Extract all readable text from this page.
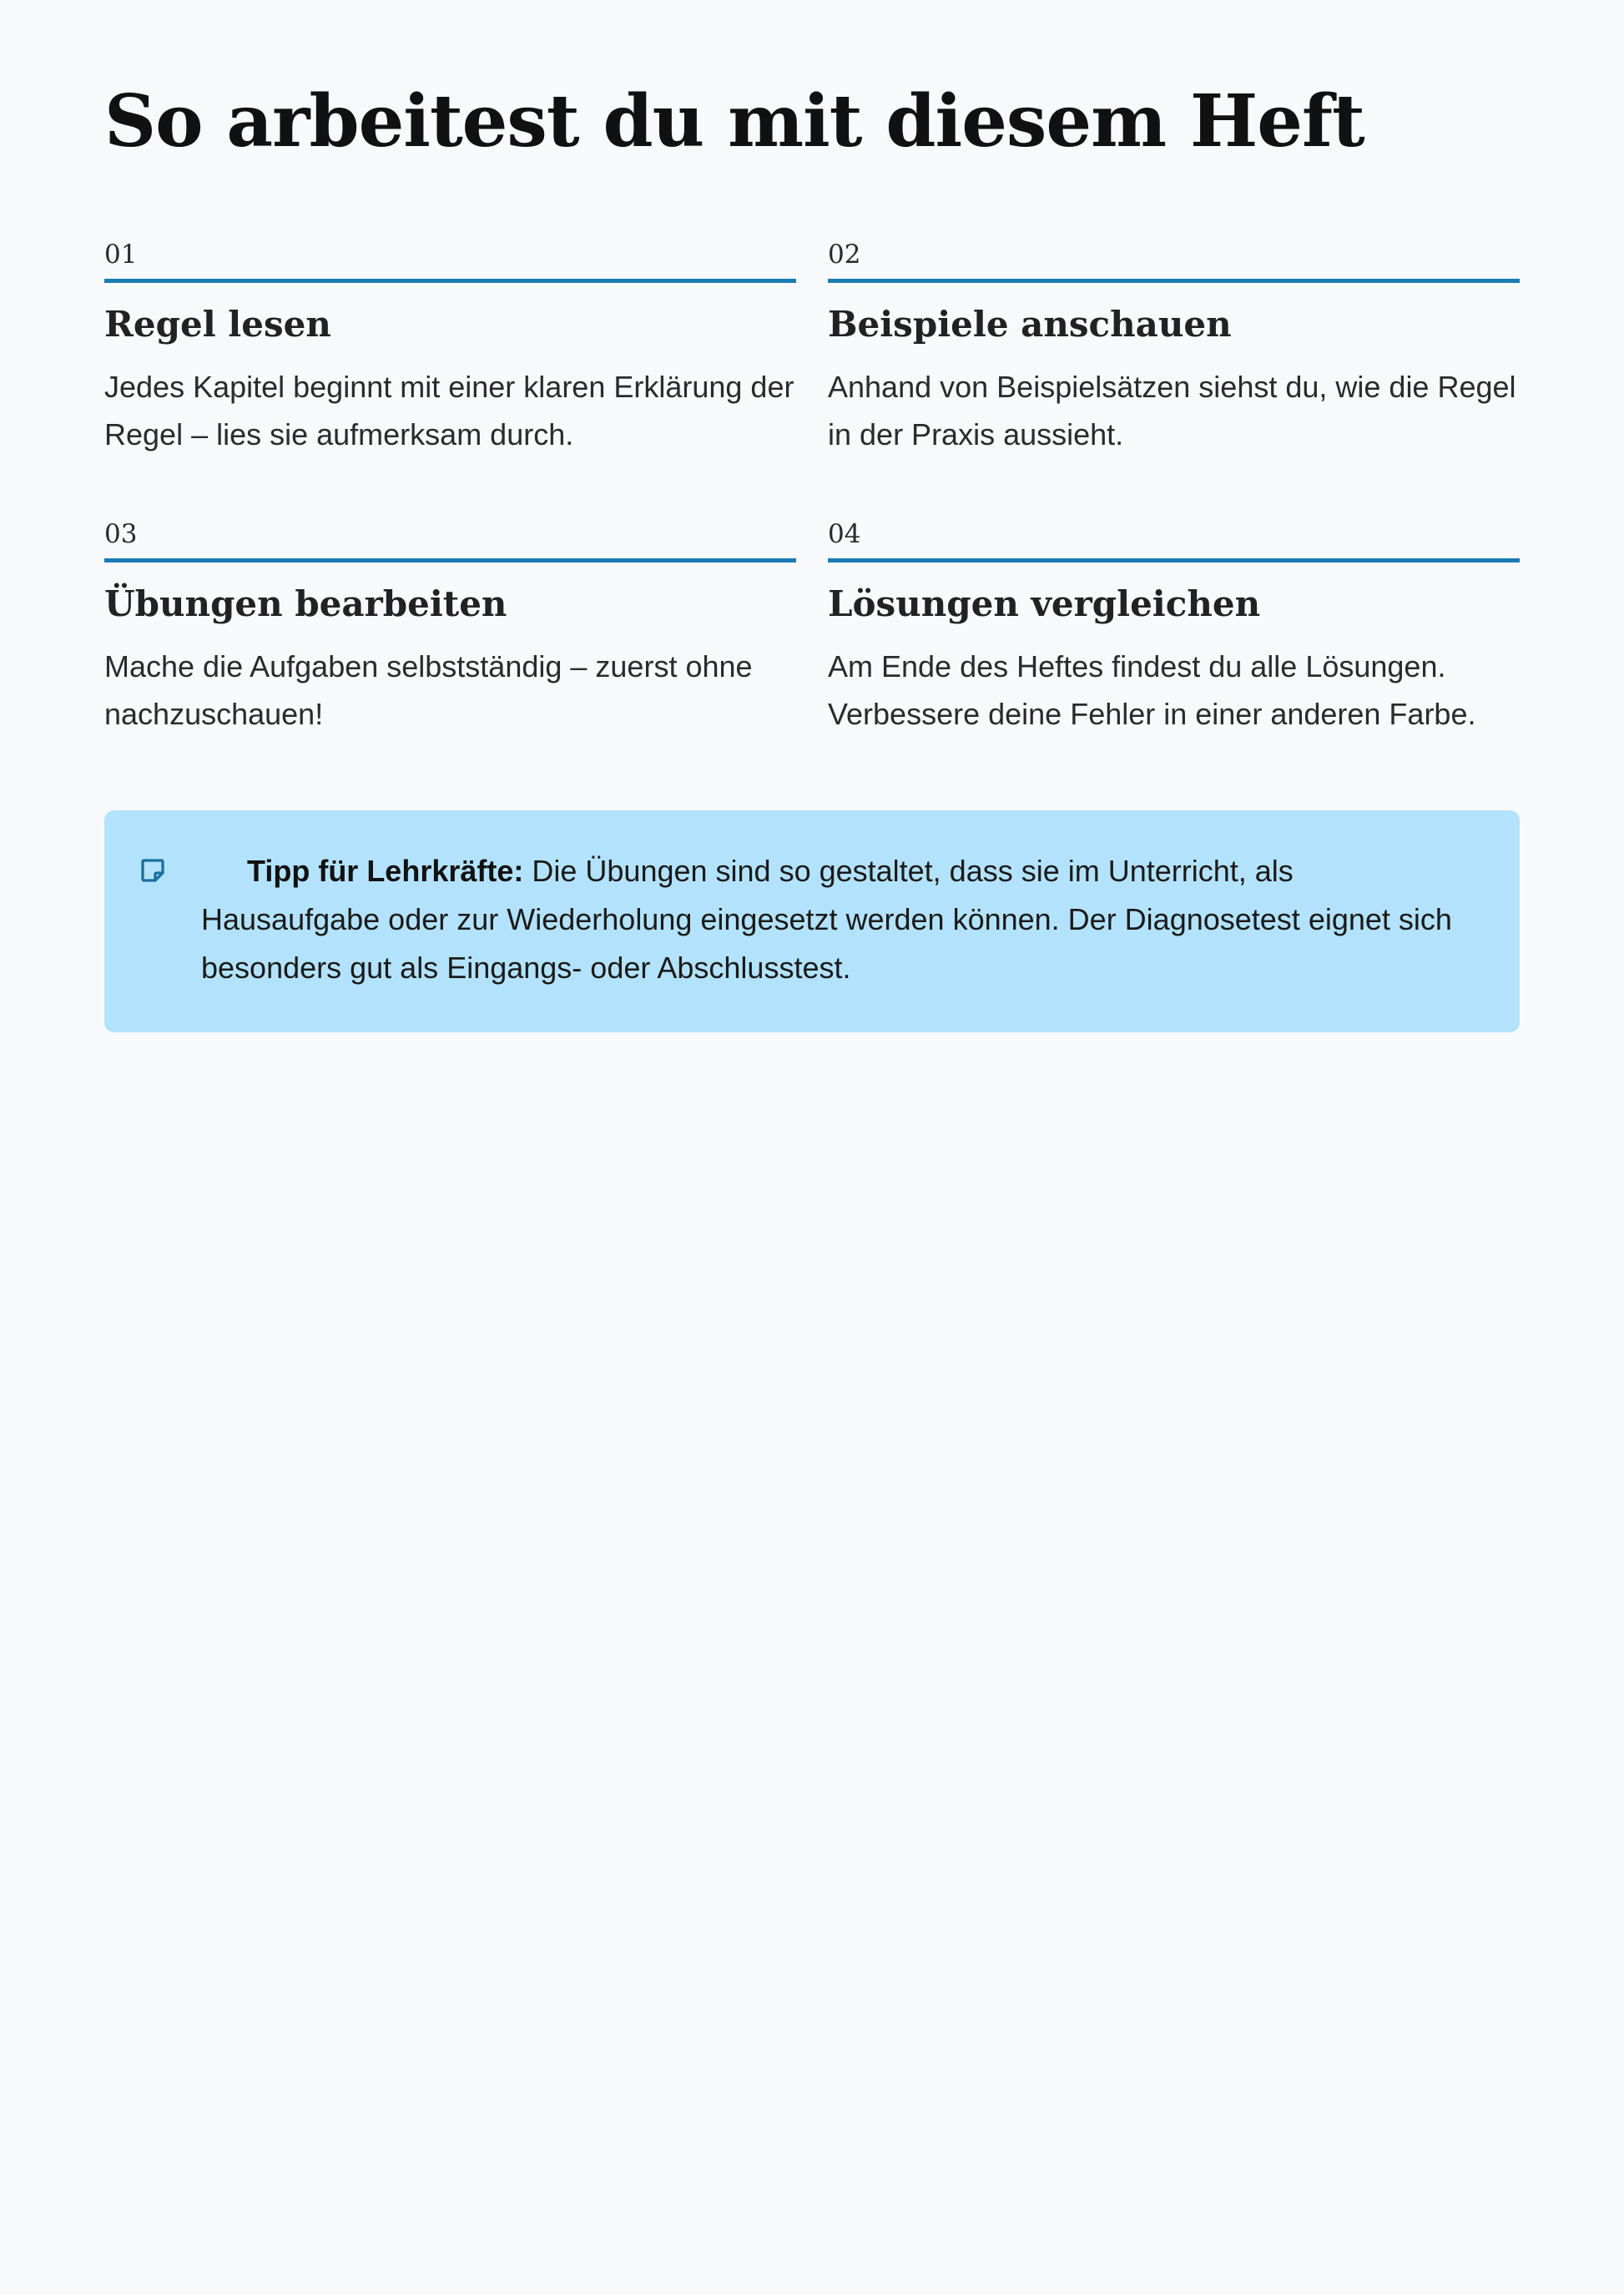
So arbeitest du mit diesem Heft
01
Regel lesen
Jedes Kapitel beginnt mit einer klaren Erklärung der Regel – lies sie aufmerksam durch.
02
Beispiele anschauen
Anhand von Beispielsätzen siehst du, wie die Regel in der Praxis aussieht.
03
Übungen bearbeiten
Mache die Aufgaben selbstständig – zuerst ohne nachzuschauen!
04
Lösungen vergleichen
Am Ende des Heftes findest du alle Lösungen. Verbessere deine Fehler in einer anderen Farbe.
Tipp für Lehrkräfte: Die Übungen sind so gestaltet, dass sie im Unterricht, als Hausaufgabe oder zur Wiederholung eingesetzt werden können. Der Diagnosetest eignet sich besonders gut als Eingangs- oder Abschlusstest.
